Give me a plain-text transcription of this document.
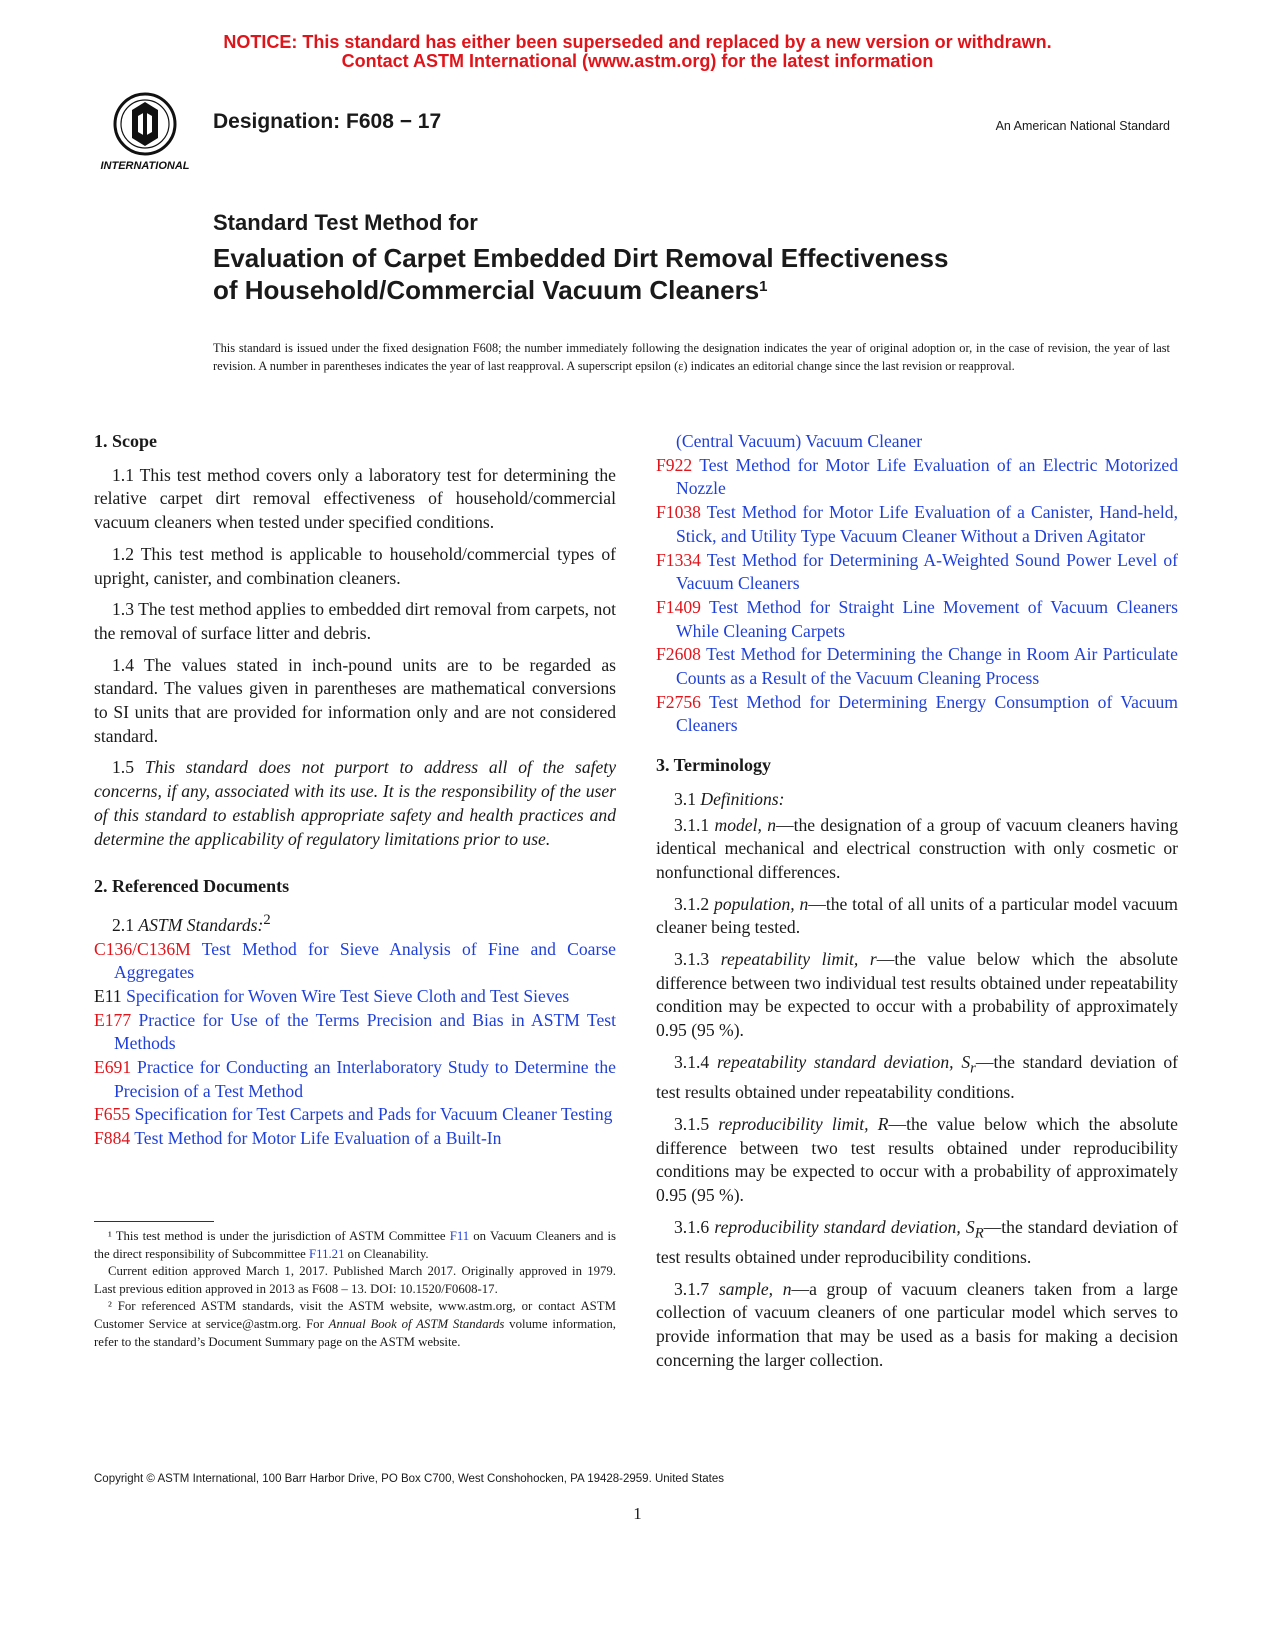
NOTICE: This standard has either been superseded and replaced by a new version or withdrawn.
Contact ASTM International (www.astm.org) for the latest information
INTERNATIONAL
Designation: F608 − 17	An American National Standard
Standard Test Method for
Evaluation of Carpet Embedded Dirt Removal Effectiveness
of Household/Commercial Vacuum Cleaners$^1$
This standard is issued under the fixed designation F608; the number immediately following the designation indicates the year of original adoption or, in the case of revision, the year of last revision. A number in parentheses indicates the year of last reapproval. A superscript epsilon (ε) indicates an editorial change since the last revision or reapproval.
1. Scope
1.1 This test method covers only a laboratory test for determining the relative carpet dirt removal effectiveness of household/commercial vacuum cleaners when tested under specified conditions.
1.2 This test method is applicable to household/commercial types of upright, canister, and combination cleaners.
1.3 The test method applies to embedded dirt removal from carpets, not the removal of surface litter and debris.
1.4 The values stated in inch-pound units are to be regarded as standard. The values given in parentheses are mathematical conversions to SI units that are provided for information only and are not considered standard.
1.5 This standard does not purport to address all of the safety concerns, if any, associated with its use. It is the responsibility of the user of this standard to establish appropriate safety and health practices and determine the applicability of regulatory limitations prior to use.
2. Referenced Documents
2.1 ASTM Standards:$^2$
C136/C136M Test Method for Sieve Analysis of Fine and Coarse Aggregates
E11 Specification for Woven Wire Test Sieve Cloth and Test Sieves
E177 Practice for Use of the Terms Precision and Bias in ASTM Test Methods
E691 Practice for Conducting an Interlaboratory Study to Determine the Precision of a Test Method
F655 Specification for Test Carpets and Pads for Vacuum Cleaner Testing
F884 Test Method for Motor Life Evaluation of a Built-In
(Central Vacuum) Vacuum Cleaner
F922 Test Method for Motor Life Evaluation of an Electric Motorized Nozzle
F1038 Test Method for Motor Life Evaluation of a Canister, Hand-held, Stick, and Utility Type Vacuum Cleaner Without a Driven Agitator
F1334 Test Method for Determining A-Weighted Sound Power Level of Vacuum Cleaners
F1409 Test Method for Straight Line Movement of Vacuum Cleaners While Cleaning Carpets
F2608 Test Method for Determining the Change in Room Air Particulate Counts as a Result of the Vacuum Cleaning Process
F2756 Test Method for Determining Energy Consumption of Vacuum Cleaners
3. Terminology
3.1 Definitions:
3.1.1 model, n—the designation of a group of vacuum cleaners having identical mechanical and electrical construction with only cosmetic or nonfunctional differences.
3.1.2 population, n—the total of all units of a particular model vacuum cleaner being tested.
3.1.3 repeatability limit, r—the value below which the absolute difference between two individual test results obtained under repeatability condition may be expected to occur with a probability of approximately 0.95 (95 %).
3.1.4 repeatability standard deviation, $S_r—the$ standard deviation of test results obtained under repeatability conditions.
3.1.5 reproducibility limit, R—the value below which the absolute difference between two test results obtained under reproducibility conditions may be expected to occur with a probability of approximately 0.95 (95 %).
3.1.6 reproducibility standard deviation, $S_R—the$ standard deviation of test results obtained under reproducibility conditions.
3.1.7 sample, n—a group of vacuum cleaners taken from a large collection of vacuum cleaners of one particular model which serves to provide information that may be used as a basis for making a decision concerning the larger collection.
¹ This test method is under the jurisdiction of ASTM Committee F11 on Vacuum Cleaners and is the direct responsibility of Subcommittee F11.21 on Cleanability.
Current edition approved March 1, 2017. Published March 2017. Originally approved in 1979. Last previous edition approved in 2013 as F608 – 13. DOI: 10.1520/F0608-17.
² For referenced ASTM standards, visit the ASTM website, www.astm.org, or contact ASTM Customer Service at service@astm.org. For Annual Book of ASTM Standards volume information, refer to the standard’s Document Summary page on the ASTM website.
Copyright © ASTM International, 100 Barr Harbor Drive, PO Box C700, West Conshohocken, PA 19428-2959. United States
1
